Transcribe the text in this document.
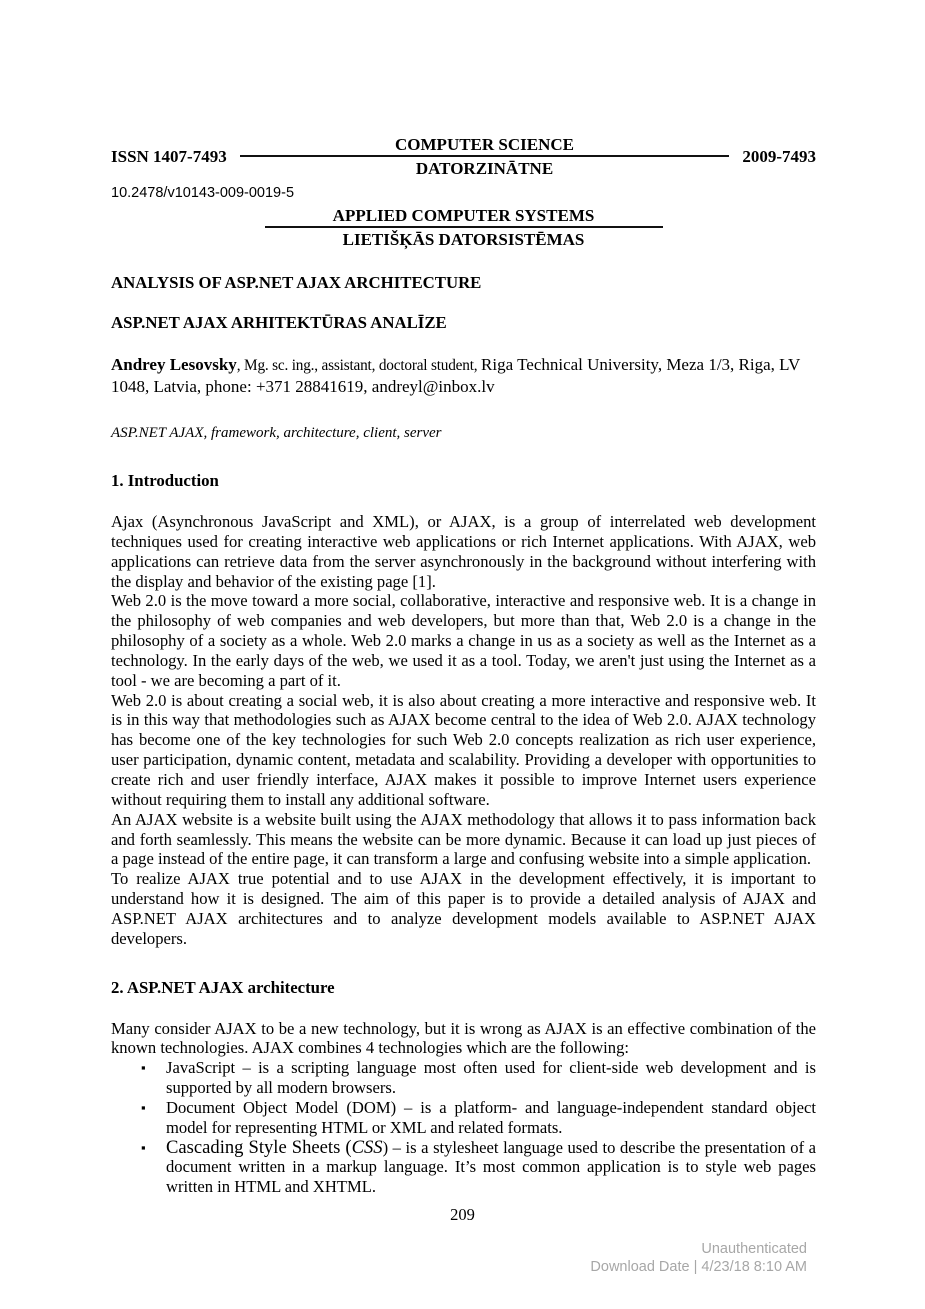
ISSN 1407-7493
COMPUTER SCIENCE
DATORZINĀTNE
2009-7493
10.2478/v10143-009-0019-5
APPLIED COMPUTER SYSTEMS
LIETIŠĶĀS DATORSISTĒMAS
ANALYSIS OF ASP.NET AJAX ARCHITECTURE
ASP.NET AJAX ARHITEKTŪRAS ANALĪZE
Andrey Lesovsky, Mg. sc. ing., assistant, doctoral student, Riga Technical University, Meza 1/3, Riga, LV 1048, Latvia, phone: +371 28841619, andreyl@inbox.lv
ASP.NET AJAX, framework, architecture, client, server
1. Introduction

Ajax (Asynchronous JavaScript and XML), or AJAX, is a group of interrelated web development techniques used for creating interactive web applications or rich Internet applications. With AJAX, web applications can retrieve data from the server asynchronously in the background without interfering with the display and behavior of the existing page [1].

Web 2.0 is the move toward a more social, collaborative, interactive and responsive web. It is a change in the philosophy of web companies and web developers, but more than that, Web 2.0 is a change in the philosophy of a society as a whole. Web 2.0 marks a change in us as a society as well as the Internet as a technology. In the early days of the web, we used it as a tool. Today, we aren't just using the Internet as a tool - we are becoming a part of it.

Web 2.0 is about creating a social web, it is also about creating a more interactive and responsive web. It is in this way that methodologies such as AJAX become central to the idea of Web 2.0. AJAX technology has become one of the key technologies for such Web 2.0 concepts realization as rich user experience, user participation, dynamic content, metadata and scalability. Providing a developer with opportunities to create rich and user friendly interface, AJAX makes it possible to improve Internet users experience without requiring them to install any additional software.

An AJAX website is a website built using the AJAX methodology that allows it to pass information back and forth seamlessly. This means the website can be more dynamic. Because it can load up just pieces of a page instead of the entire page, it can transform a large and confusing website into a simple application.

To realize AJAX true potential and to use AJAX in the development effectively, it is important to understand how it is designed. The aim of this paper is to provide a detailed analysis of AJAX and ASP.NET AJAX architectures and to analyze development models available to ASP.NET AJAX developers.

2. ASP.NET AJAX architecture

Many consider AJAX to be a new technology, but it is wrong as AJAX is an effective combination of the known technologies. AJAX combines 4 technologies which are the following:

▪ JavaScript – is a scripting language most often used for client-side web development and is supported by all modern browsers.
▪ Document Object Model (DOM) – is a platform- and language-independent standard object model for representing HTML or XML and related formats.
▪ Cascading Style Sheets (CSS) – is a stylesheet language used to describe the presentation of a document written in a markup language. It’s most common application is to style web pages written in HTML and XHTML.
209
Unauthenticated
Download Date | 4/23/18 8:10 AM
